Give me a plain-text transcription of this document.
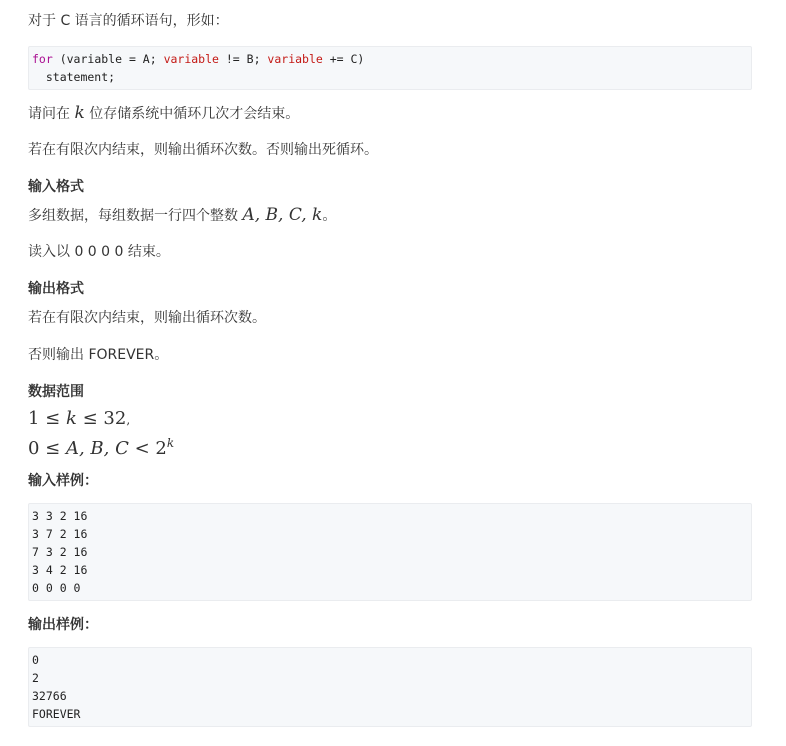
对于 C 语言的循环语句，形如：
for (variable = A; variable != B; variable += C)
statement;
请问在 k 位存储系统中循环几次才会结束。
若在有限次内结束，则输出循环次数。否则输出死循环。
输入格式
多组数据，每组数据一行四个整数 A, B, C, k。
读入以 0 0 0 0 结束。
输出格式
若在有限次内结束，则输出循环次数。
否则输出 FOREVER。
数据范围
1 ≤ k ≤ 32,
0 ≤ A, B, $C < 2^k$
输入样例：
3 3 2 16
3 7 2 16
7 3 2 16
3 4 2 16
0 0 0 0
输出样例：
0
2
32766
FOREVER
